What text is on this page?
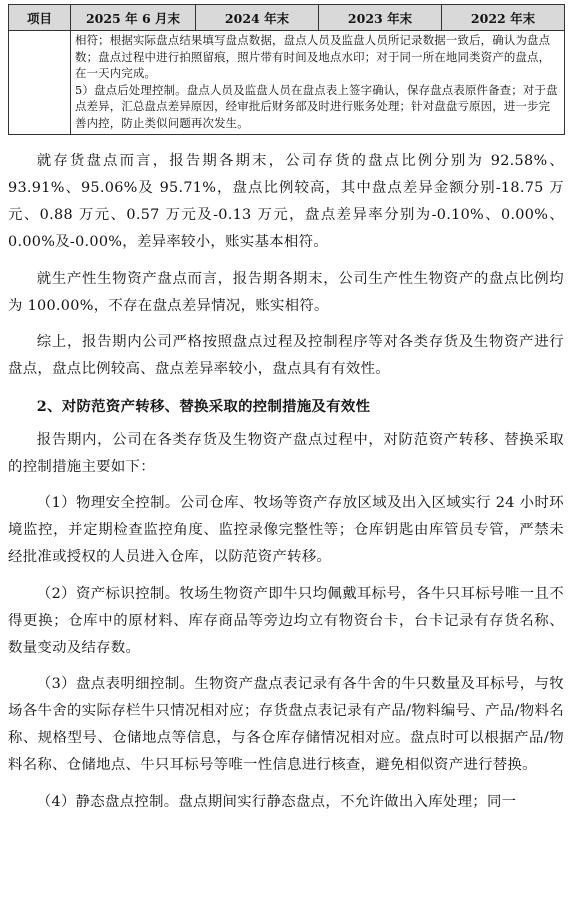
项目	2025 年 6 月末	2024 年末	2023 年末	2022 年末

	相符；根据实际盘点结果填写盘点数据，盘点人员及监盘人员所记录数据一致后，确认为盘点数；盘点过程中进行拍照留痕，照片带有时间及地点水印；对于同一所在地同类资产的盘点，在一天内完成。

5）盘点后处理控制。盘点人员及监盘人员在盘点表上签字确认，保存盘点表原件备查；对于盘点差异，汇总盘点差异原因，经审批后财务部及时进行账务处理；针对盘盘亏原因，进一步完善内控，防止类似问题再次发生。			

就存货盘点而言，报告期各期末，公司存货的盘点比例分别为 92.58%、93.91%、95.06%及 95.71%，盘点比例较高，其中盘点差异金额分别-18.75 万元、0.88 万元、0.57 万元及-0.13 万元，盘点差异率分别为-0.10%、0.00%、0.00%及-0.00%，差异率较小，账实基本相符。

就生产性生物资产盘点而言，报告期各期末，公司生产性生物资产的盘点比例均为 100.00%，不存在盘点差异情况，账实相符。

综上，报告期内公司严格按照盘点过程及控制程序等对各类存货及生物资产进行盘点，盘点比例较高、盘点差异率较小，盘点具有有效性。

2、对防范资产转移、替换采取的控制措施及有效性

报告期内，公司在各类存货及生物资产盘点过程中，对防范资产转移、替换采取的控制措施主要如下：

（1）物理安全控制。公司仓库、牧场等资产存放区域及出入区域实行 24 小时环境监控，并定期检查监控角度、监控录像完整性等；仓库钥匙由库管员专管，严禁未经批准或授权的人员进入仓库，以防范资产转移。

（2）资产标识控制。牧场生物资产即牛只均佩戴耳标号，各牛只耳标号唯一且不得更换；仓库中的原材料、库存商品等旁边均立有物资台卡，台卡记录有存货名称、数量变动及结存数。

（3）盘点表明细控制。生物资产盘点表记录有各牛舍的牛只数量及耳标号，与牧场各牛舍的实际存栏牛只情况相对应；存货盘点表记录有产品/物料编号、产品/物料名称、规格型号、仓储地点等信息，与各仓库存储情况相对应。盘点时可以根据产品/物料名称、仓储地点、牛只耳标号等唯一性信息进行核查，避免相似资产进行替换。

（4）静态盘点控制。盘点期间实行静态盘点，不允许做出入库处理；同一
